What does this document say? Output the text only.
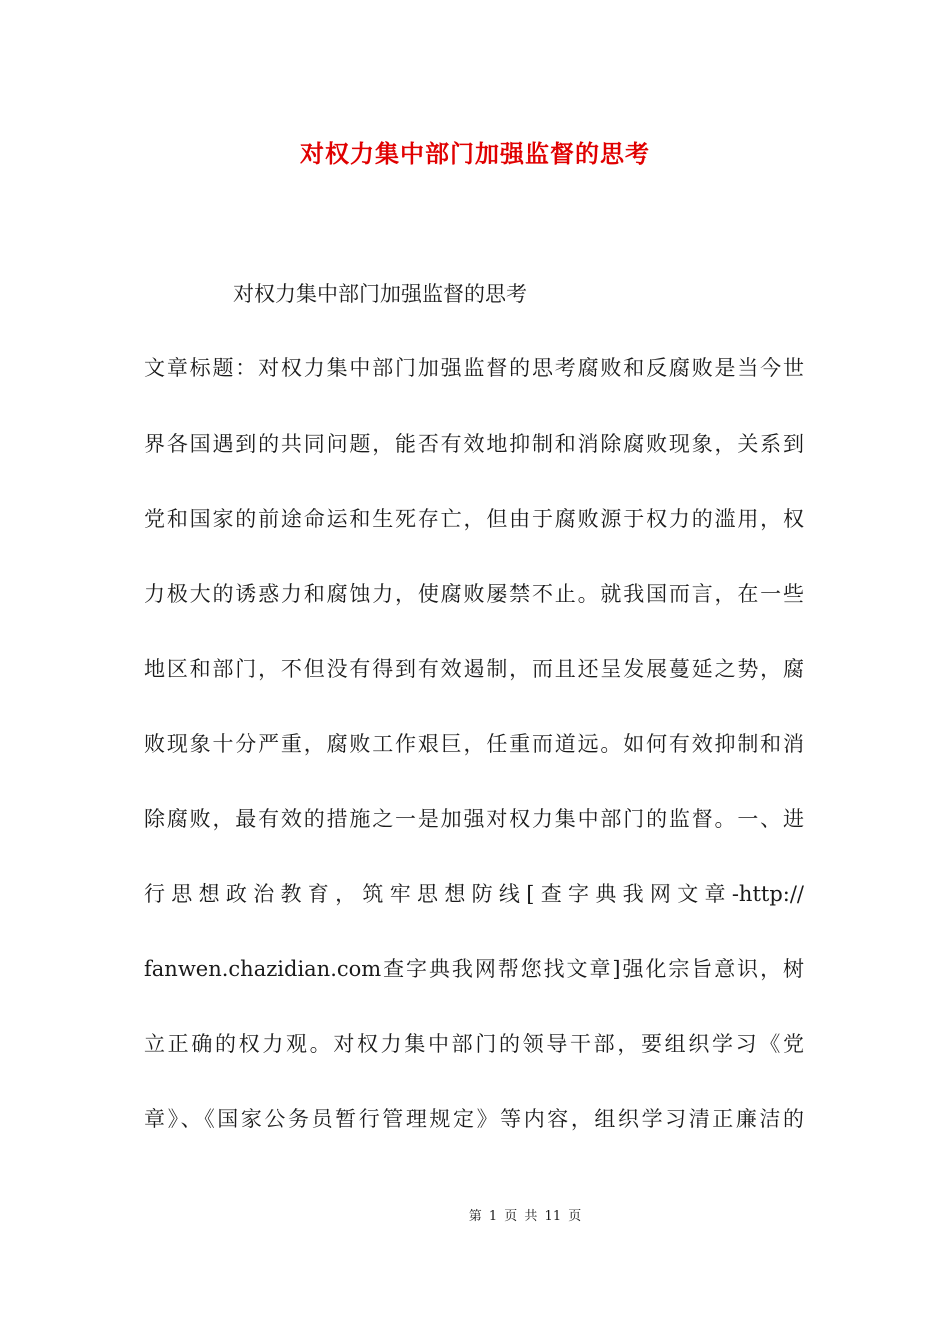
对权力集中部门加强监督的思考
对权力集中部门加强监督的思考
文章标题：对权力集中部门加强监督的思考腐败和反腐败是当今世
界各国遇到的共同问题，能否有效地抑制和消除腐败现象，关系到
党和国家的前途命运和生死存亡，但由于腐败源于权力的滥用，权
力极大的诱惑力和腐蚀力，使腐败屡禁不止。就我国而言，在一些
地区和部门，不但没有得到有效遏制，而且还呈发展蔓延之势，腐
败现象十分严重，腐败工作艰巨，任重而道远。如何有效抑制和消
除腐败，最有效的措施之一是加强对权力集中部门的监督。一、进
行思想政治教育，筑牢思想防线[查字典我网文章-http://
fanwen.chazidian.com查字典我网帮您找文章]强化宗旨意识，树
立正确的权力观。对权力集中部门的领导干部，要组织学习《党
章》、《国家公务员暂行管理规定》等内容，组织学习清正廉洁的
第 1 页 共 11 页
